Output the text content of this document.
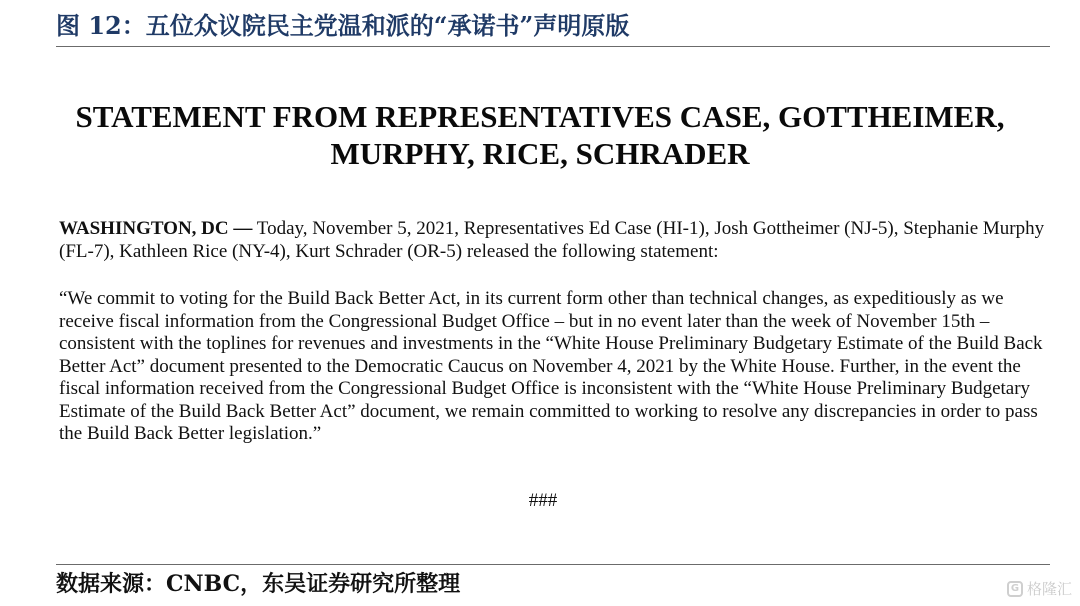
图 12：五位众议院民主党温和派的“承诺书”声明原版
STATEMENT FROM REPRESENTATIVES CASE, GOTTHEIMER,
MURPHY, RICE, SCHRADER

WASHINGTON, DC — Today, November 5, 2021, Representatives Ed Case (HI-1), Josh Gottheimer (NJ-5), Stephanie Murphy (FL-7), Kathleen Rice (NY-4), Kurt Schrader (OR-5) released the following statement:

“We commit to voting for the Build Back Better Act, in its current form other than technical changes, as expeditiously as we receive fiscal information from the Congressional Budget Office – but in no event later than the week of November 15th – consistent with the toplines for revenues and investments in the “White House Preliminary Budgetary Estimate of the Build Back Better Act” document presented to the Democratic Caucus on November 4, 2021 by the White House. Further, in the event the fiscal information received from the Congressional Budget Office is inconsistent with the “White House Preliminary Budgetary Estimate of the Build Back Better Act” document, we remain committed to working to resolve any discrepancies in order to pass the Build Back Better legislation.”

###
数据来源：CNBC，东吴证券研究所整理	G 格隆汇
